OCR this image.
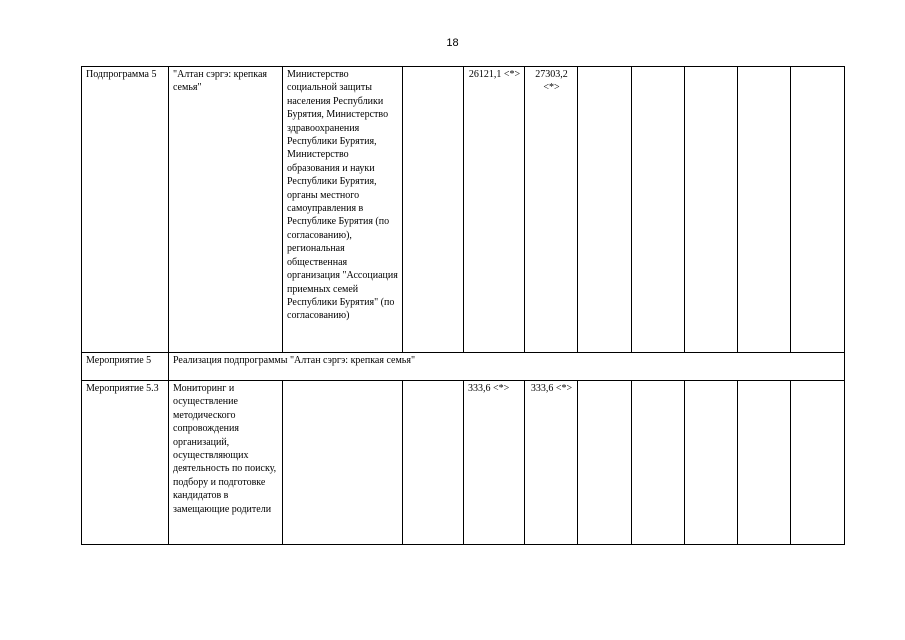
18
Подпрограмма 5	"Алтан сэргэ: крепкая семья"	Министерство социальной защиты населения Республики Бурятия, Министерство здравоохранения Республики Бурятия, Министерство образования и науки Республики Бурятия, органы местного самоуправления в Республике Бурятия (по согласованию), региональная общественная организация "Ассоциация приемных семей Республики Бурятия" (по согласованию)		26121,1 <*>	27303,2 <*>					
Мероприятие 5	Реализация подпрограммы "Алтан сэргэ: крепкая семья"									
Мероприятие 5.3	Мониторинг и осуществление методического сопровождения организаций, осуществляющих деятельность по поиску, подбору и подготовке кандидатов в замещающие родители			333,6 <*>	333,6 <*>					
